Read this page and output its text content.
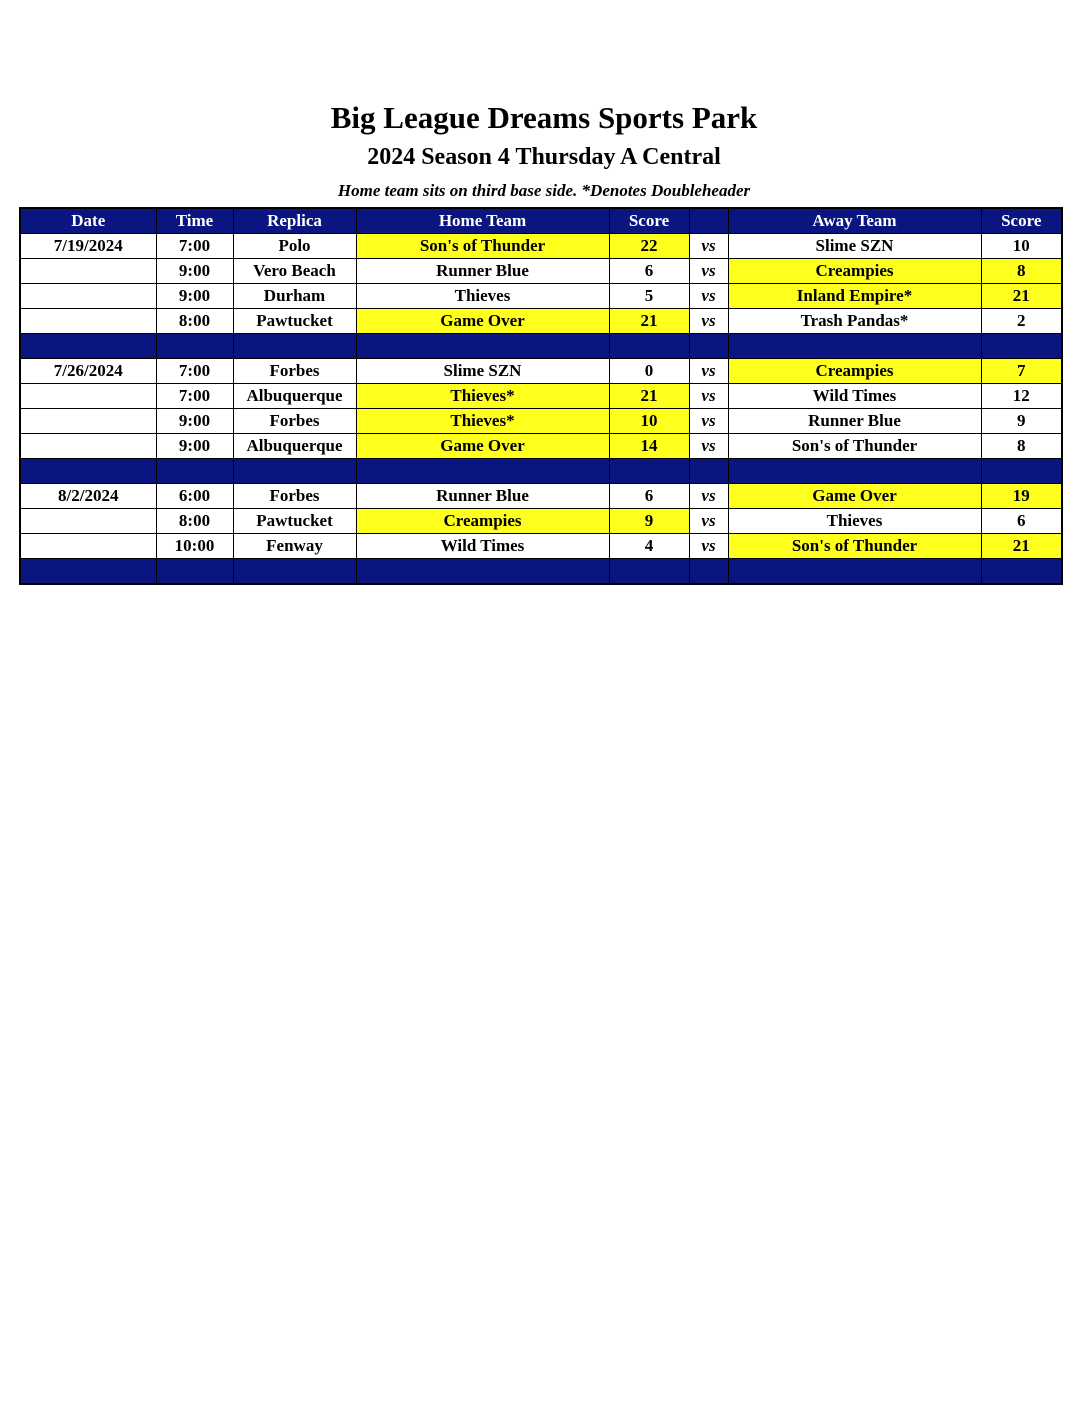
Big League Dreams Sports Park
2024 Season 4 Thursday A Central
Home team sits on third base side. *Denotes Doubleheader
Date	Time	Replica	Home Team	Score		Away Team	Score
7/19/2024	7:00	Polo	Son's of Thunder	22	vs	Slime SZN	10
	9:00	Vero Beach	Runner Blue	6	vs	Creampies	8
	9:00	Durham	Thieves	5	vs	Inland Empire*	21
	8:00	Pawtucket	Game Over	21	vs	Trash Pandas*	2

7/26/2024	7:00	Forbes	Slime SZN	0	vs	Creampies	7
	7:00	Albuquerque	Thieves*	21	vs	Wild Times	12
	9:00	Forbes	Thieves*	10	vs	Runner Blue	9
	9:00	Albuquerque	Game Over	14	vs	Son's of Thunder	8

8/2/2024	6:00	Forbes	Runner Blue	6	vs	Game Over	19
	8:00	Pawtucket	Creampies	9	vs	Thieves	6
	10:00	Fenway	Wild Times	4	vs	Son's of Thunder	21
